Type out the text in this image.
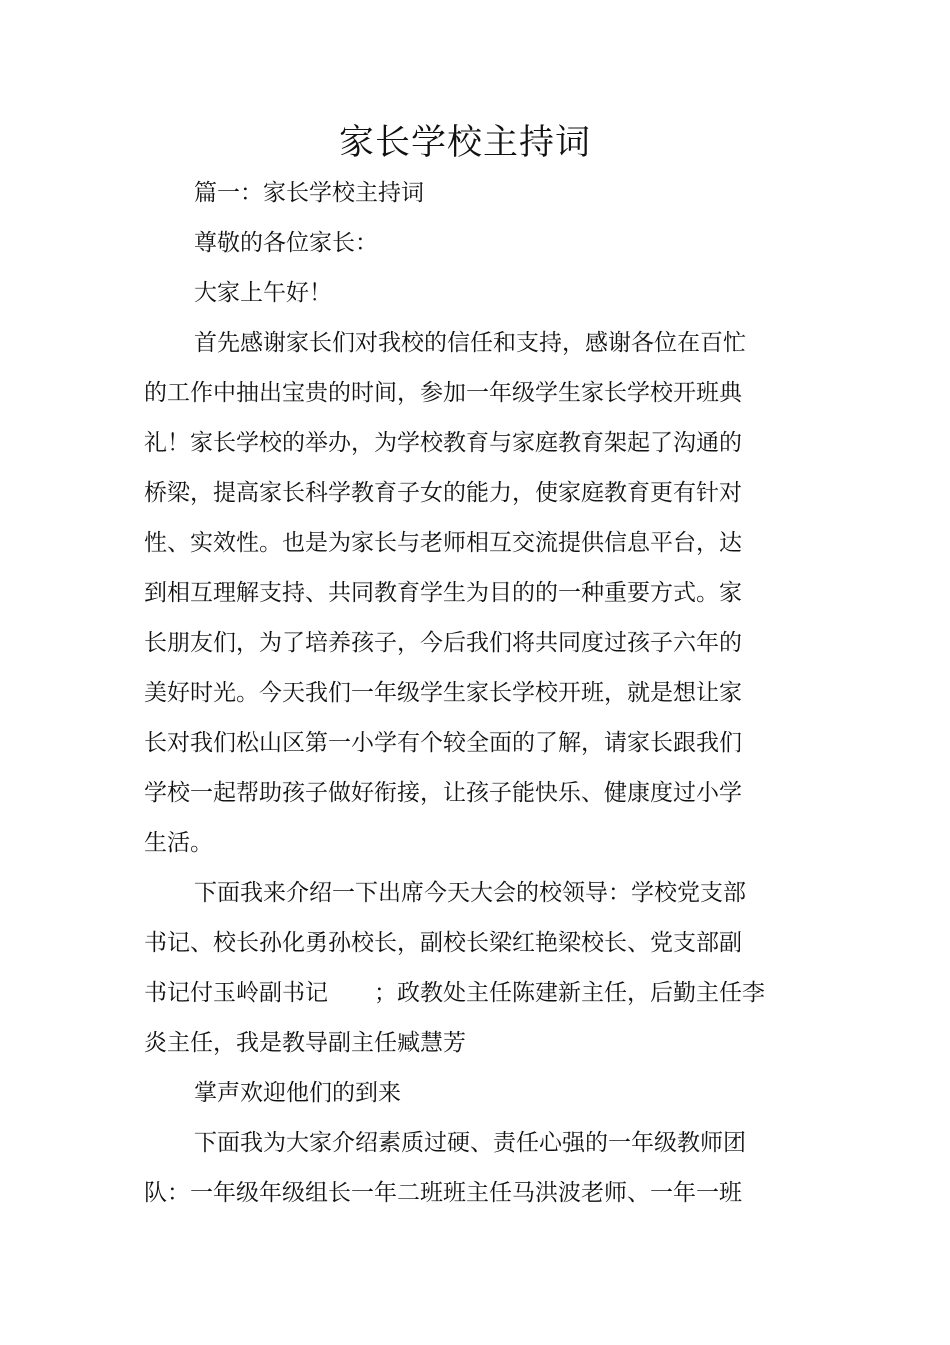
家长学校主持词

篇一：家长学校主持词

尊敬的各位家长：

大家上午好！

首先感谢家长们对我校的信任和支持，感谢各位在百忙

的工作中抽出宝贵的时间，参加一年级学生家长学校开班典

礼！家长学校的举办，为学校教育与家庭教育架起了沟通的

桥梁，提高家长科学教育子女的能力，使家庭教育更有针对

性、实效性。也是为家长与老师相互交流提供信息平台，达

到相互理解支持、共同教育学生为目的的一种重要方式。家

长朋友们，为了培养孩子，今后我们将共同度过孩子六年的

美好时光。今天我们一年级学生家长学校开班，就是想让家

长对我们松山区第一小学有个较全面的了解，请家长跟我们

学校一起帮助孩子做好衔接，让孩子能快乐、健康度过小学

生活。

下面我来介绍一下出席今天大会的校领导：学校党支部

书记、校长孙化勇孙校长，副校长梁红艳梁校长、党支部副

书记付玉岭副书记　　；政教处主任陈建新主任，后勤主任李

炎主任，我是教导副主任臧慧芳

掌声欢迎他们的到来

下面我为大家介绍素质过硬、责任心强的一年级教师团

队：一年级年级组长一年二班班主任马洪波老师、一年一班
